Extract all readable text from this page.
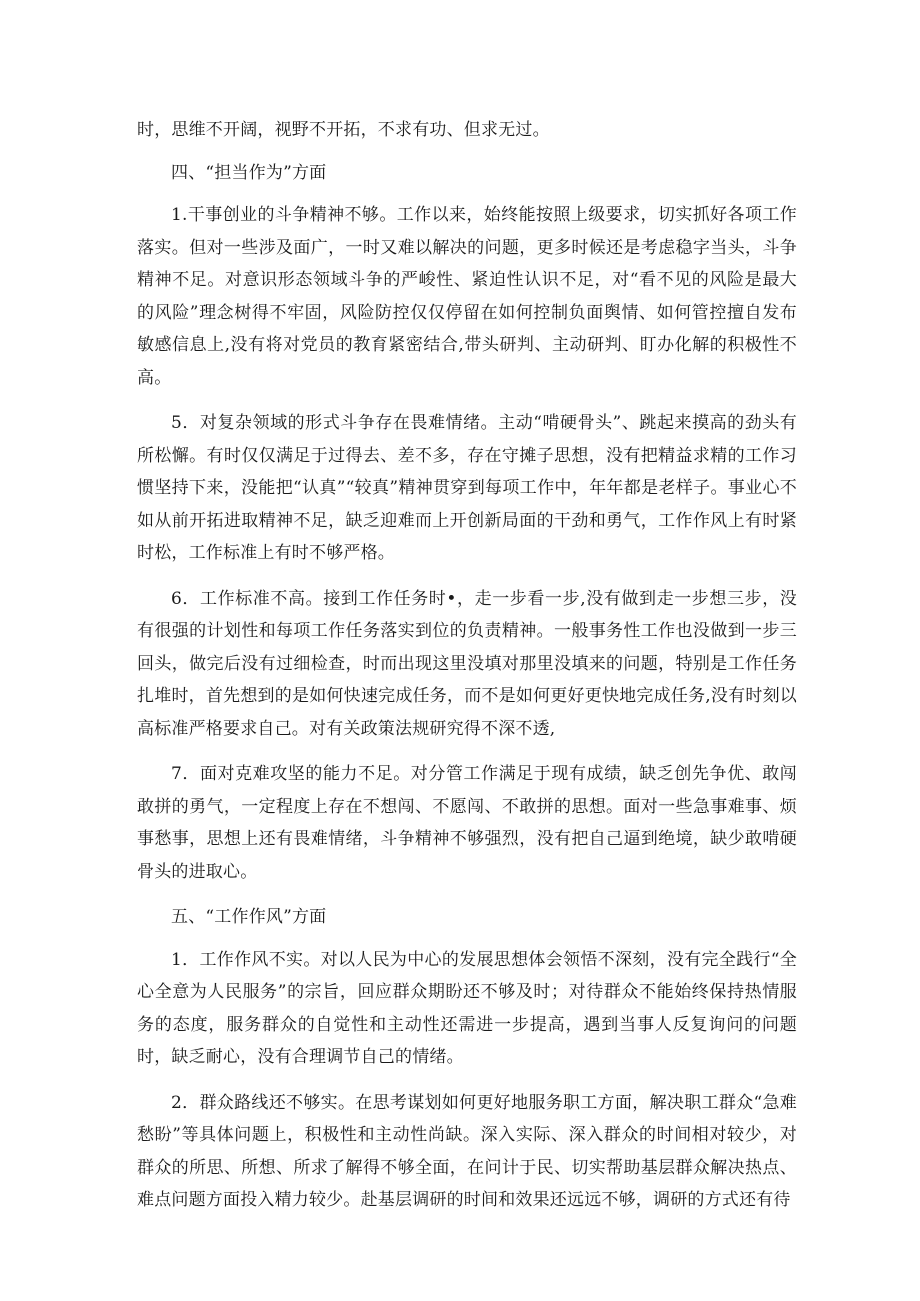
时，思维不开阔，视野不开拓，不求有功、但求无过。

四、“担当作为”方面

1.干事创业的斗争精神不够。工作以来，始终能按照上级要求，切实抓好各项工作落实。但对一些涉及面广，一时又难以解决的问题，更多时候还是考虑稳字当头，斗争精神不足。对意识形态领域斗争的严峻性、紧迫性认识不足，对“看不见的风险是最大的风险”理念树得不牢固，风险防控仅仅停留在如何控制负面舆情、如何管控擅自发布敏感信息上,没有将对党员的教育紧密结合,带头研判、主动研判、盯办化解的积极性不高。

5．对复杂领域的形式斗争存在畏难情绪。主动“啃硬骨头”、跳起来摸高的劲头有所松懈。有时仅仅满足于过得去、差不多，存在守摊子思想，没有把精益求精的工作习惯坚持下来，没能把“认真”“较真”精神贯穿到每项工作中，年年都是老样子。事业心不如从前开拓进取精神不足，缺乏迎难而上开创新局面的干劲和勇气，工作作风上有时紧时松，工作标准上有时不够严格。

6．工作标准不高。接到工作任务时•，走一步看一步,没有做到走一步想三步，没有很强的计划性和每项工作任务落实到位的负责精神。一般事务性工作也没做到一步三回头，做完后没有过细检查，时而出现这里没填对那里没填来的问题，特别是工作任务扎堆时，首先想到的是如何快速完成任务，而不是如何更好更快地完成任务,没有时刻以高标准严格要求自己。对有关政策法规研究得不深不透,

7．面对克难攻坚的能力不足。对分管工作满足于现有成绩，缺乏创先争优、敢闯敢拼的勇气，一定程度上存在不想闯、不愿闯、不敢拼的思想。面对一些急事难事、烦事愁事，思想上还有畏难情绪，斗争精神不够强烈，没有把自己逼到绝境，缺少敢啃硬骨头的进取心。

五、“工作作风”方面

1．工作作风不实。对以人民为中心的发展思想体会领悟不深刻，没有完全践行“全心全意为人民服务”的宗旨，回应群众期盼还不够及时；对待群众不能始终保持热情服务的态度，服务群众的自觉性和主动性还需进一步提高，遇到当事人反复询问的问题时，缺乏耐心，没有合理调节自己的情绪。

2．群众路线还不够实。在思考谋划如何更好地服务职工方面，解决职工群众“急难愁盼”等具体问题上，积极性和主动性尚缺。深入实际、深入群众的时间相对较少，对群众的所思、所想、所求了解得不够全面，在问计于民、切实帮助基层群众解决热点、难点问题方面投入精力较少。赴基层调研的时间和效果还远远不够，调研的方式还有待
